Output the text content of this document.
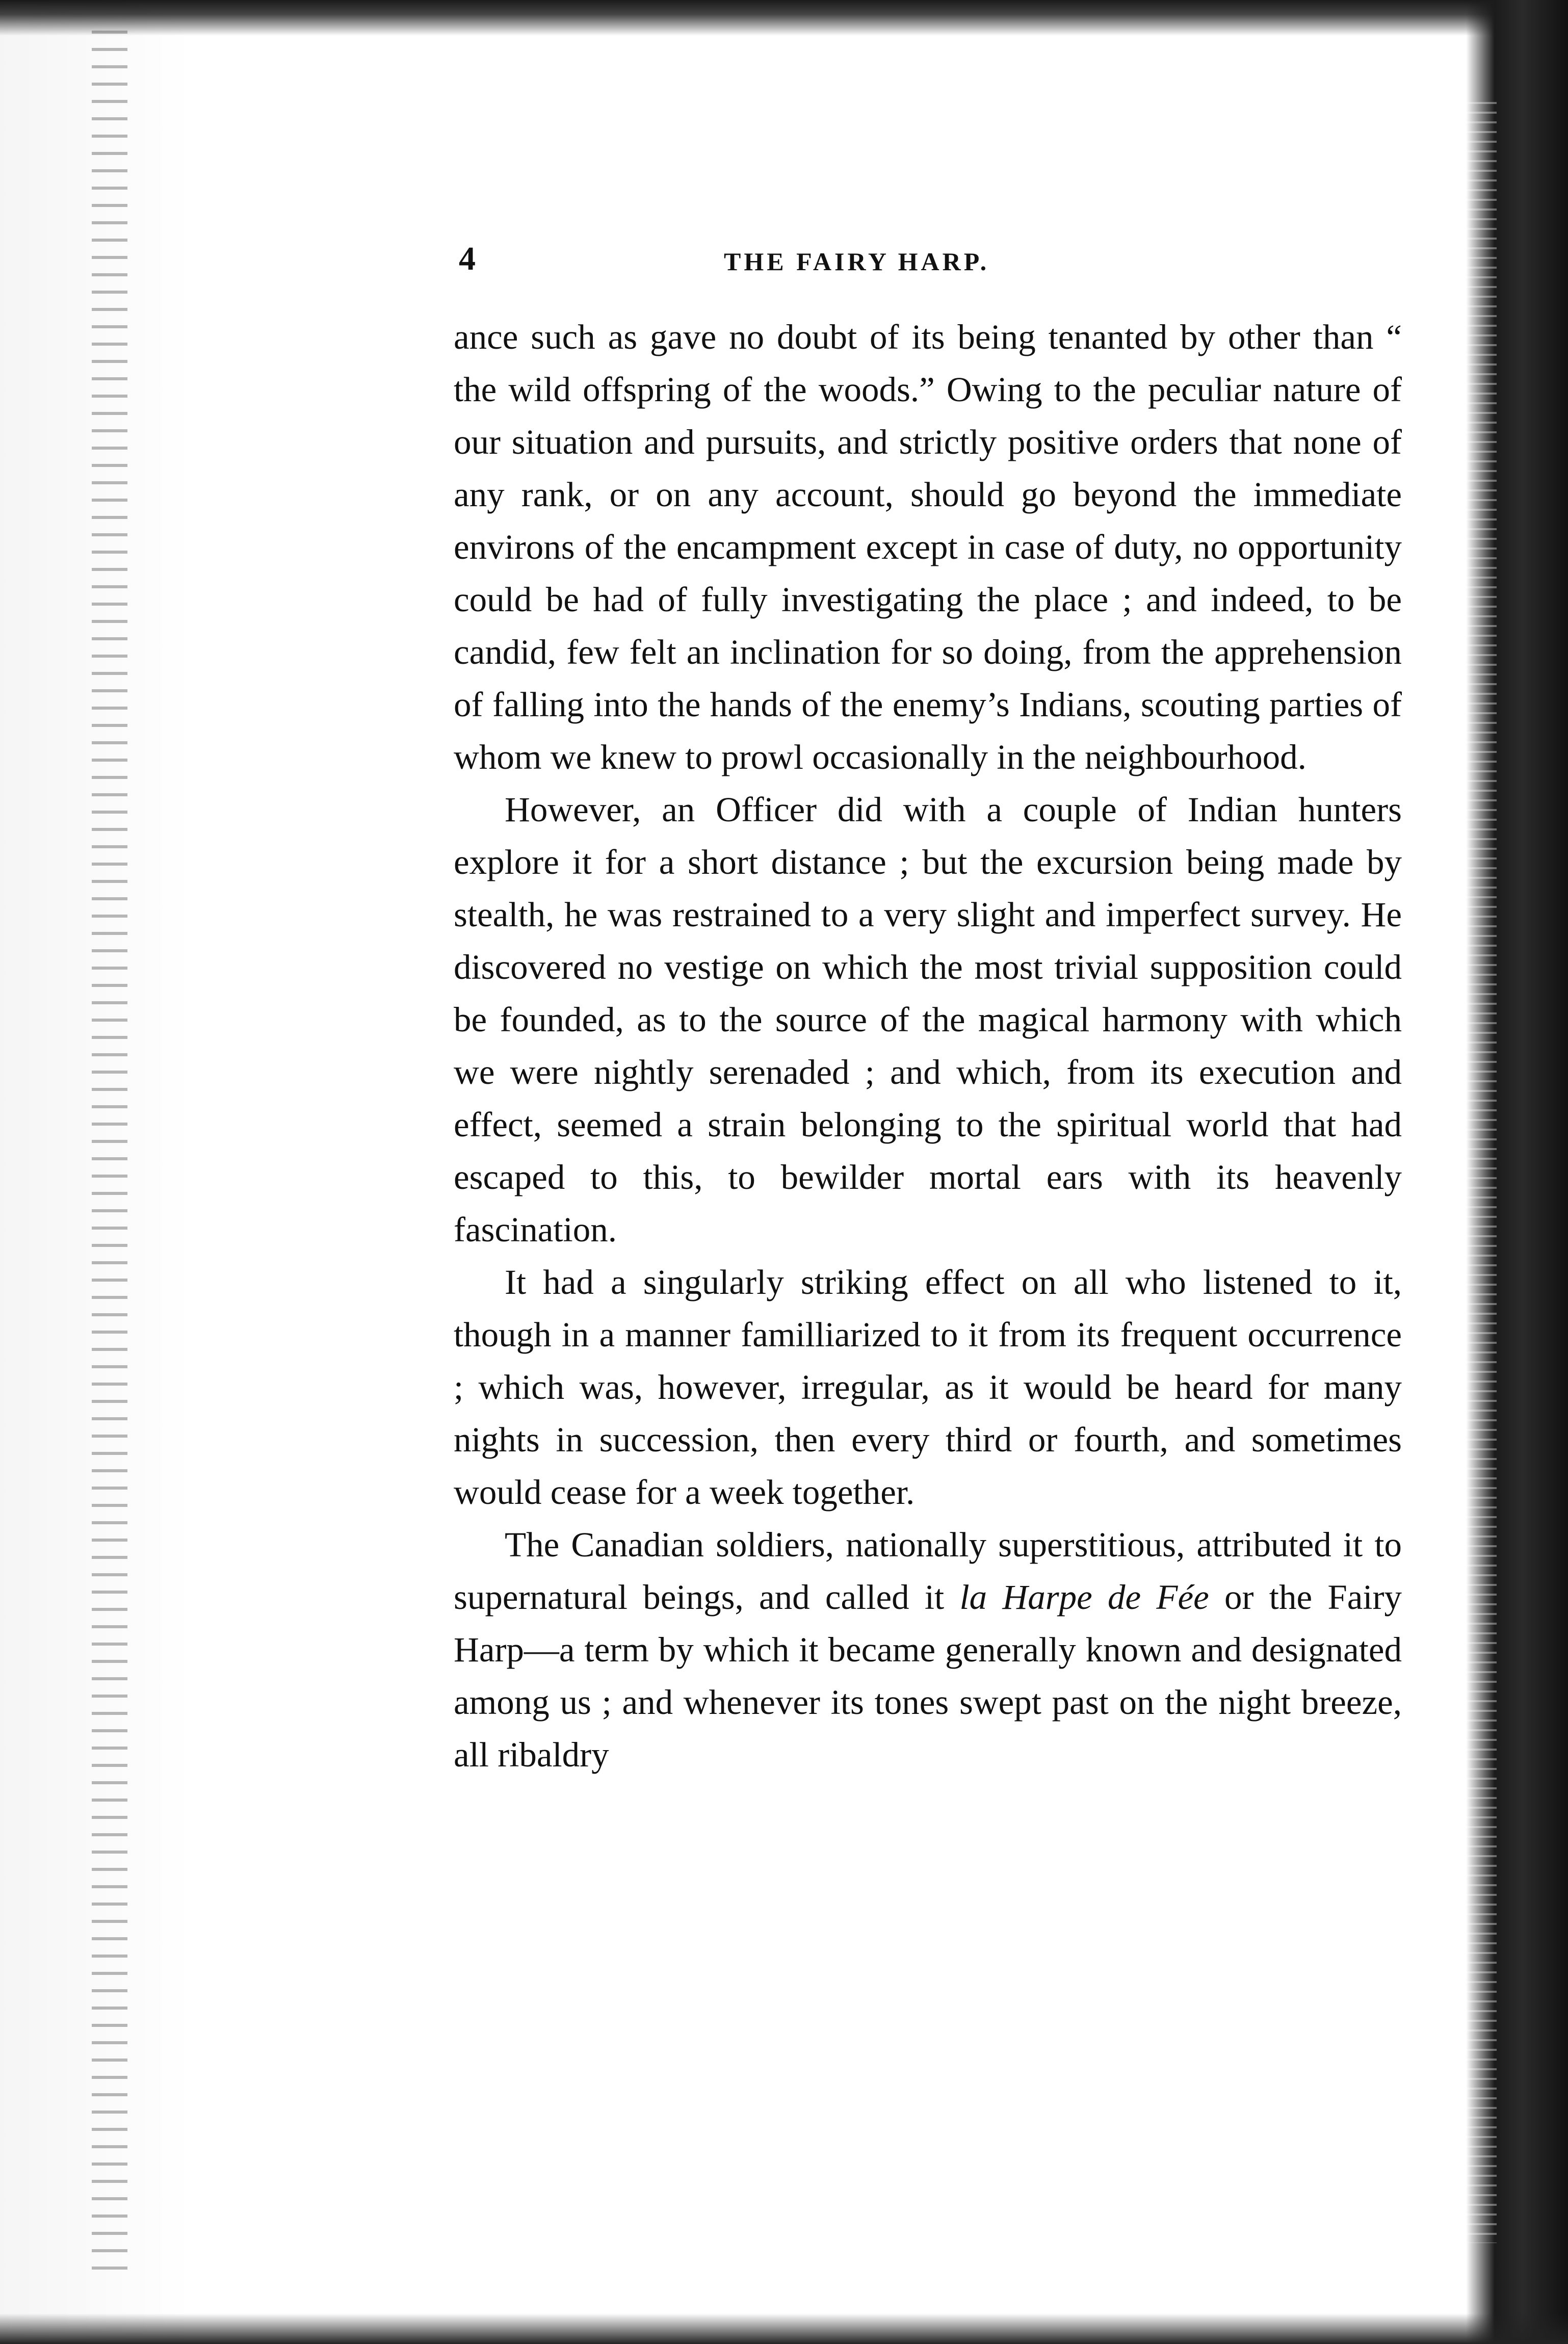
4	THE FAIRY HARP.

ance such as gave no doubt of its being tenanted by other than “ the wild offspring of the woods.” Owing to the peculiar nature of our situation and pursuits, and strictly positive orders that none of any rank, or on any account, should go beyond the immediate environs of the encampment except in case of duty, no opportunity could be had of fully investigating the place ; and indeed, to be candid, few felt an inclination for so doing, from the apprehension of falling into the hands of the enemy’s Indians, scouting parties of whom we knew to prowl occasionally in the neighbourhood.

However, an Officer did with a couple of Indian hunters explore it for a short distance ; but the excursion being made by stealth, he was restrained to a very slight and imperfect survey. He discovered no vestige on which the most trivial supposition could be founded, as to the source of the magical harmony with which we were nightly serenaded ; and which, from its execution and effect, seemed a strain belonging to the spiritual world that had escaped to this, to bewilder mortal ears with its heavenly fascination.

It had a singularly striking effect on all who listened to it, though in a manner familliarized to it from its frequent occurrence ; which was, however, irregular, as it would be heard for many nights in succession, then every third or fourth, and sometimes would cease for a week together.

The Canadian soldiers, nationally superstitious, attributed it to supernatural beings, and called it la Harpe de Fée or the Fairy Harp—a term by which it became generally known and designated among us ; and whenever its tones swept past on the night breeze, all ribaldry
